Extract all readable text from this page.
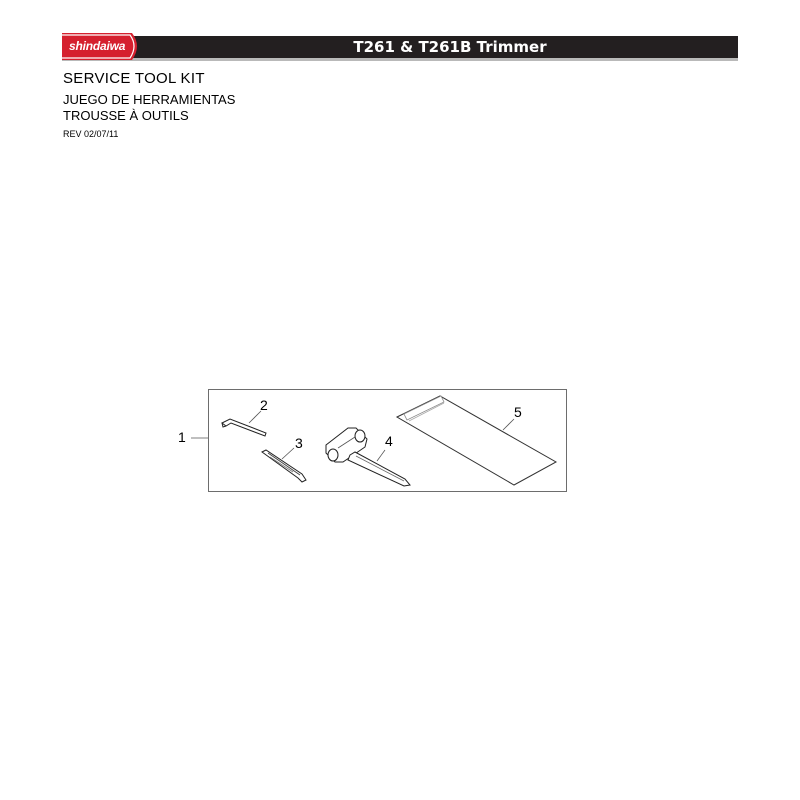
shindaiwa	T261 & T261B Trimmer
SERVICE TOOL KIT
JUEGO DE HERRAMIENTAS
TROUSSE À OUTILS
REV 02/07/11
1
2
3	4
5
